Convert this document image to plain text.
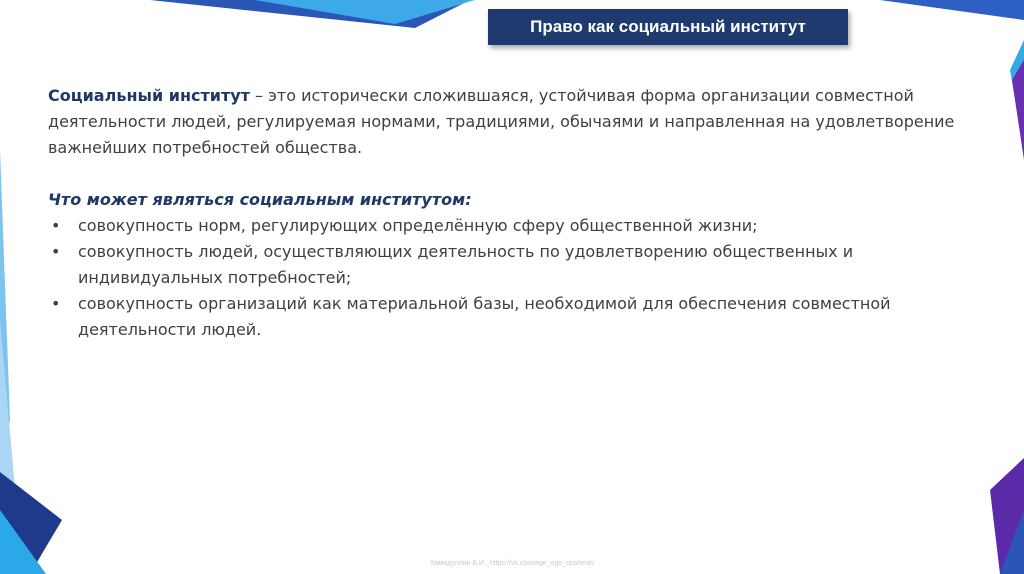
Право как социальный институт

Социальный институт – это исторически сложившаяся, устойчивая форма организации совместной деятельности людей, регулируемая нормами, традициями, обычаями и направленная на удовлетворение важнейших потребностей общества.

Что может являться социальным институтом:
• совокупность норм, регулирующих определённую сферу общественной жизни;
• совокупность людей, осуществляющих деятельность по удовлетворению общественных и индивидуальных потребностей;
• совокупность организаций как материальной базы, необходимой для обеспечения совместной деятельности людей.
Хамидуллин Б.И._https://vk.com/ege_oge_obshestv
